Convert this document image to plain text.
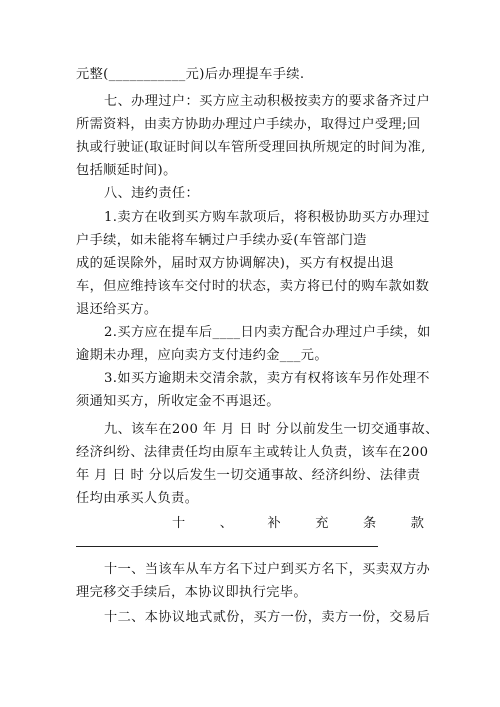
元整(___________元)后办理提车手续.
七、办理过户：买方应主动积极按卖方的要求备齐过户
所需资料，由卖方协助办理过户手续办，取得过户受理;回
执或行驶证(取证时间以车管所受理回执所规定的时间为准,
包括顺延时间)。
八、违约责任：
1.卖方在收到买方购车款项后，将积极协助买方办理过
户手续，如未能将车辆过户手续办妥(车管部门造
成的延误除外，届时双方协调解决)，买方有权提出退
车，但应维持该车交付时的状态，卖方将已付的购车款如数
退还给买方。
2.买方应在提车后____日内卖方配合办理过户手续，如
逾期未办理，应向卖方支付违约金___元。
3.如买方逾期未交清余款，卖方有权将该车另作处理不
须通知买方，所收定金不再退还。
九、该车在200 年 月 日 时 分以前发生一切交通事故、
经济纠纷、法律责任均由原车主或转让人负责，该车在200
年 月 日 时 分以后发生一切交通事故、经济纠纷、法律责
任均由承买人负责。
十	、	补	充	条	款
十一、当该车从车方名下过户到买方名下，买卖双方办
理完移交手续后，本协议即执行完毕。
十二、本协议地式贰份，买方一份，卖方一份，交易后
